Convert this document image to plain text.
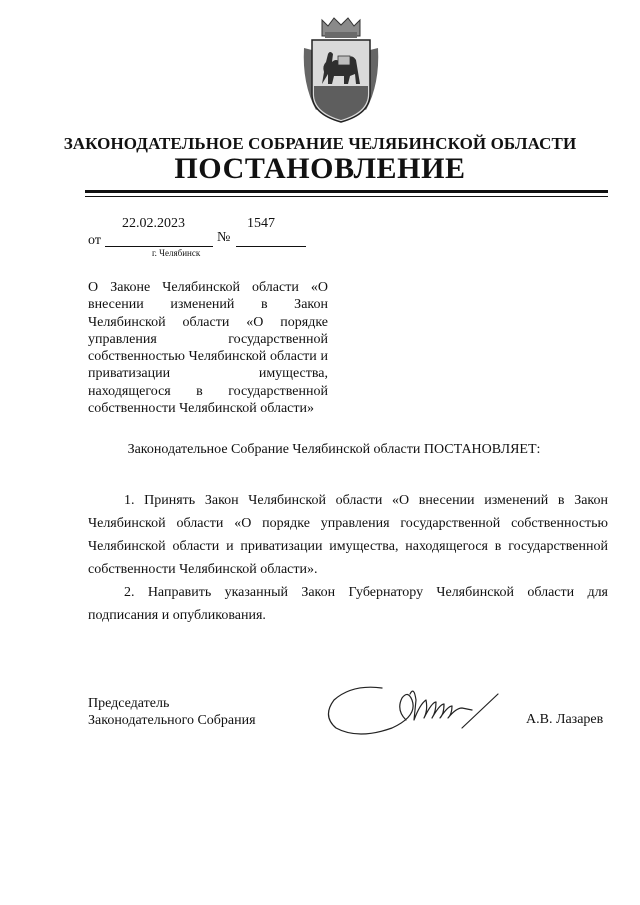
ЗАКОНОДАТЕЛЬНОЕ СОБРАНИЕ ЧЕЛЯБИНСКОЙ ОБЛАСТИ
ПОСТАНОВЛЕНИЕ
22.02.2023
от
1547
№
г. Челябинск
О Законе Челябинской области «О внесении изменений в Закон Челябинской области «О порядке управления государственной собственностью Челябинской области и приватизации имущества, находящегося в государственной собственности Челябинской области»
Законодательное Собрание Челябинской области ПОСТАНОВЛЯЕТ:

1. Принять Закон Челябинской области «О внесении изменений в Закон Челябинской области «О порядке управления государственной собственностью Челябинской области и приватизации имущества, находящегося в государственной собственности Челябинской области».

2. Направить указанный Закон Губернатору Челябинской области для подписания и опубликования.

Председатель
Законодательного Собрания	А.В. Лазарев
